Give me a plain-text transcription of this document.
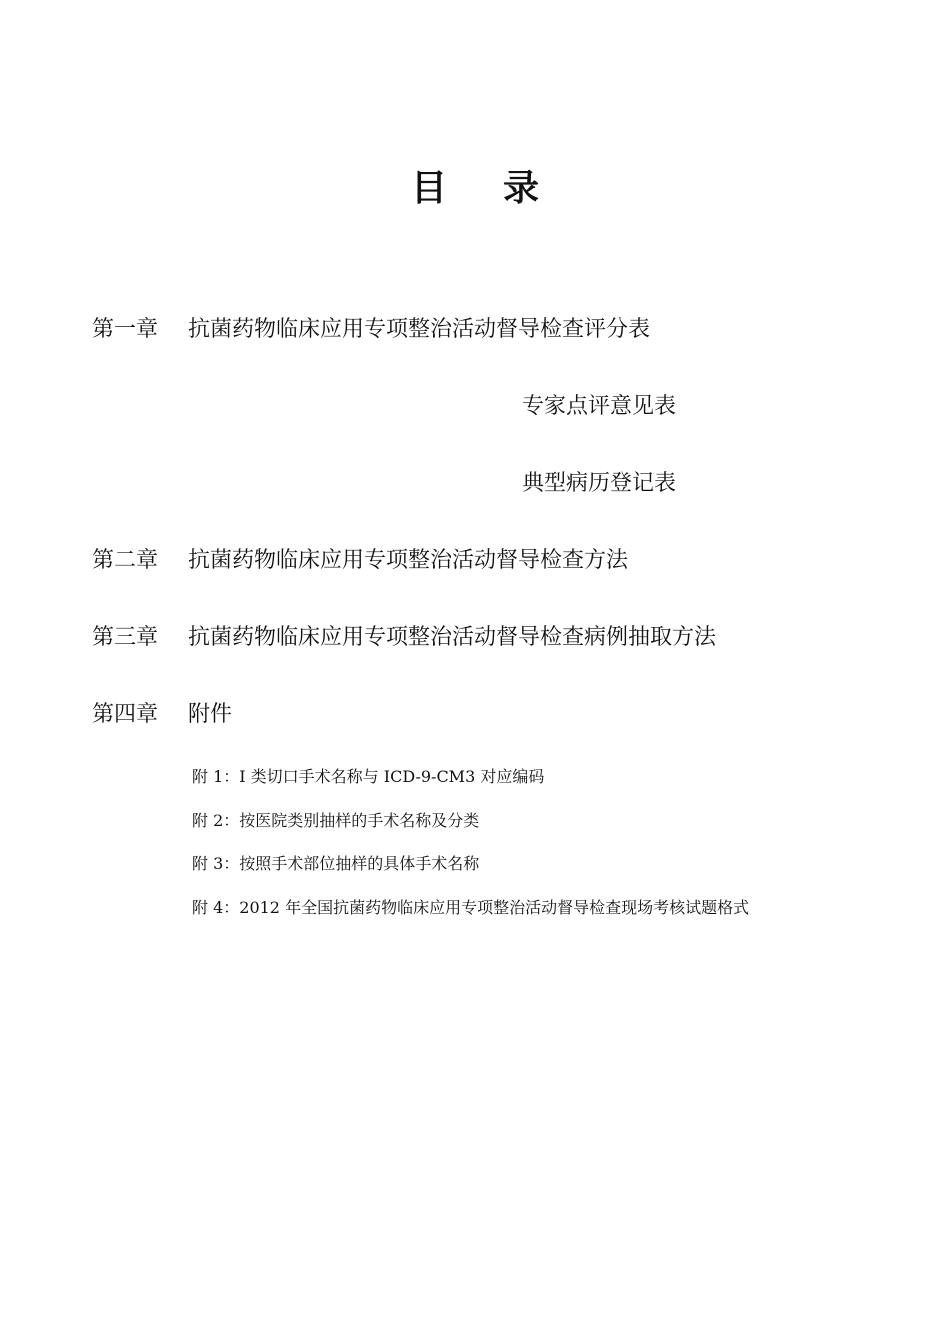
目 录
第一章 抗菌药物临床应用专项整治活动督导检查评分表
专家点评意见表
典型病历登记表
第二章 抗菌药物临床应用专项整治活动督导检查方法
第三章 抗菌药物临床应用专项整治活动督导检查病例抽取方法
第四章 附件
附 1：I 类切口手术名称与 ICD-9-CM3 对应编码
附 2：按医院类别抽样的手术名称及分类
附 3：按照手术部位抽样的具体手术名称
附 4：2012 年全国抗菌药物临床应用专项整治活动督导检查现场考核试题格式
